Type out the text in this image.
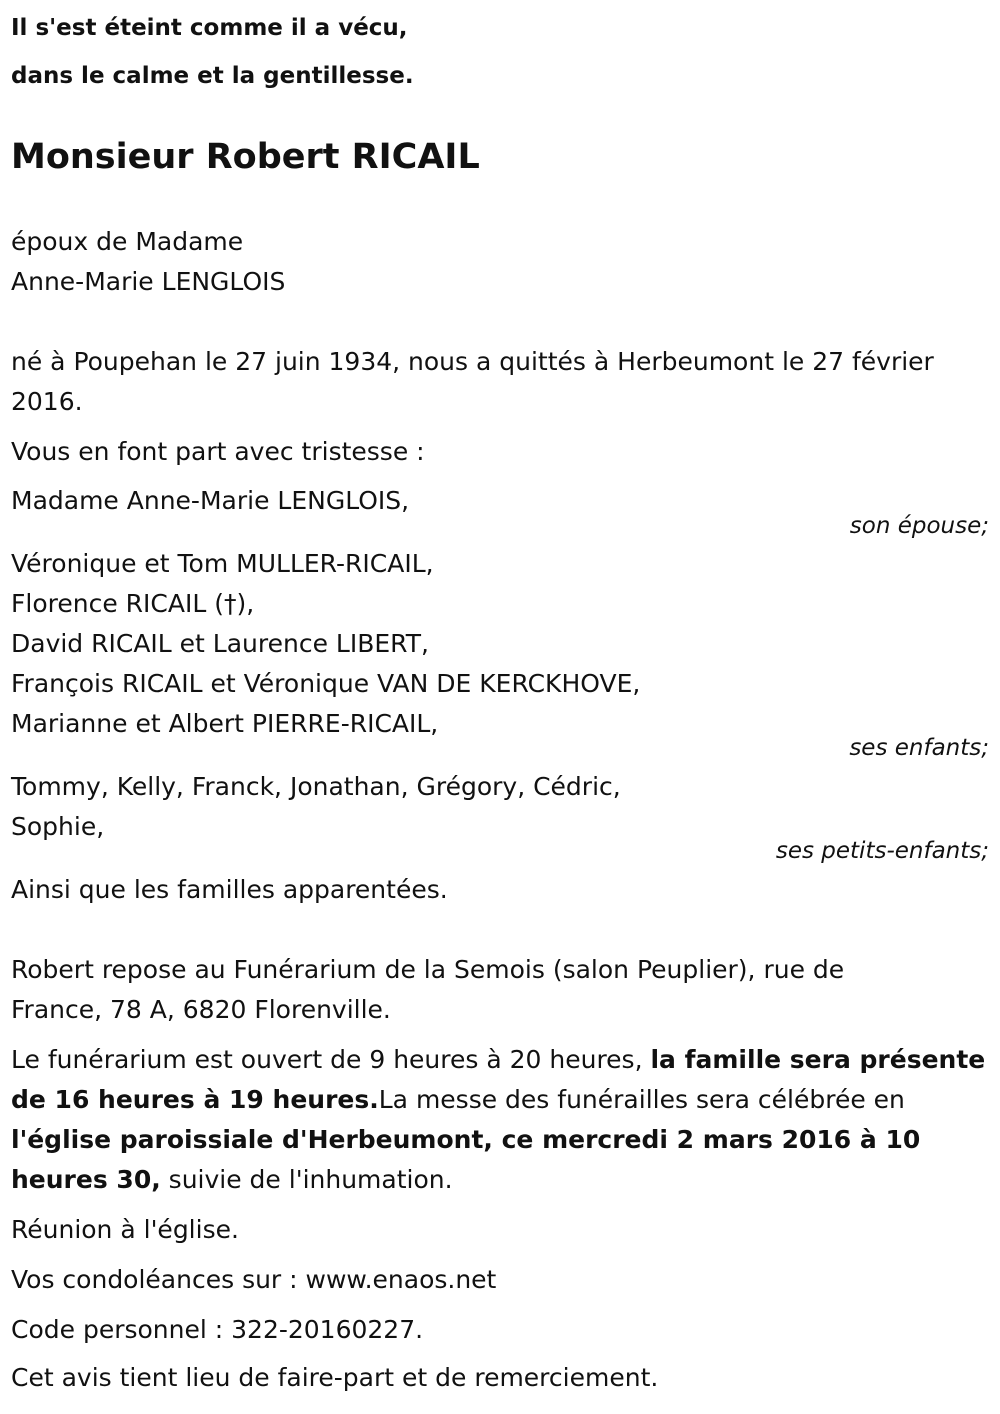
Il s'est éteint comme il a vécu,
dans le calme et la gentillesse.
Monsieur Robert RICAIL
époux de Madame
Anne-Marie LENGLOIS
né à Poupehan le 27 juin 1934, nous a quittés à Herbeumont le 27 février
2016.
Vous en font part avec tristesse :
Madame Anne-Marie LENGLOIS,
son épouse;
Véronique et Tom MULLER-RICAIL,
Florence RICAIL (†),
David RICAIL et Laurence LIBERT,
François RICAIL et Véronique VAN DE KERCKHOVE,
Marianne et Albert PIERRE-RICAIL,
ses enfants;
Tommy, Kelly, Franck, Jonathan, Grégory, Cédric,
Sophie,
ses petits-enfants;
Ainsi que les familles apparentées.
Robert repose au Funérarium de la Semois (salon Peuplier), rue de
France, 78 A, 6820 Florenville.
Le funérarium est ouvert de 9 heures à 20 heures, la famille sera présente de 16 heures à 19 heures.La messe des funérailles sera célébrée en l'église paroissiale d'Herbeumont, ce mercredi 2 mars 2016 à 10 heures 30, suivie de l'inhumation.
Réunion à l'église.
Vos condoléances sur : www.enaos.net
Code personnel : 322-20160227.
Cet avis tient lieu de faire-part et de remerciement.
